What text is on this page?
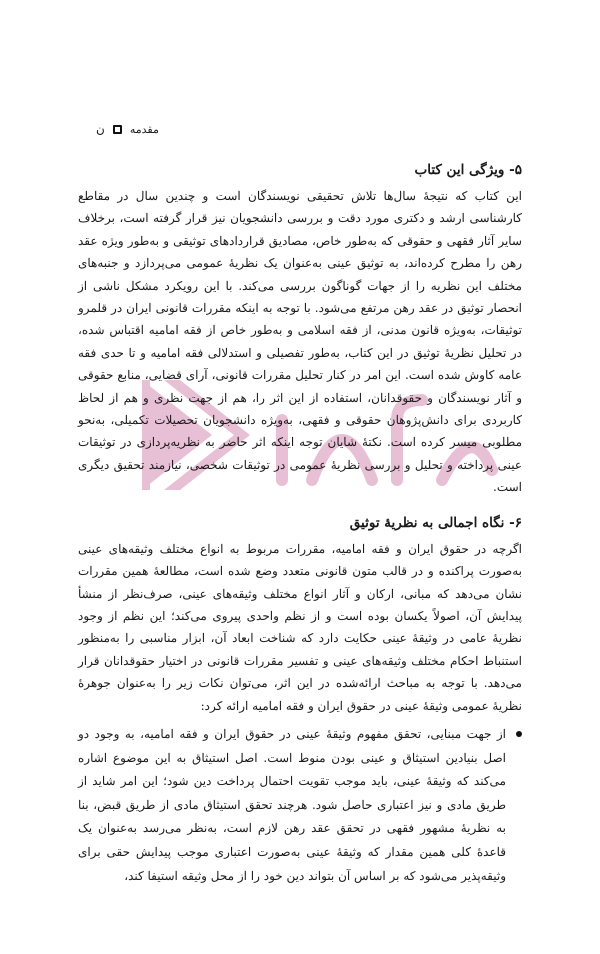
ن مقدمه
۵- ویژگی این کتاب

این کتاب که نتیجهٔ سال‌ها تلاش تحقیقی نویسندگان است و چندین سال در مقاطع کارشناسی ارشد و دکتری مورد دقت و بررسی دانشجویان نیز قرار گرفته است، برخلاف سایر آثار فقهی و حقوقی که به‌طور خاص، مصادیق قراردادهای توثیقی و به‌طور ویژه عقد رهن را مطرح کرده‌اند، به توثیق عینی به‌عنوان یک نظریهٔ عمومی می‌پردازد و جنبه‌های مختلف این نظریه را از جهات گوناگون بررسی می‌کند. با این رویکرد مشکل ناشی از انحصار توثیق در عقد رهن مرتفع می‌شود. با توجه به اینکه مقررات قانونی ایران در قلمرو توثیقات، به‌ویژه قانون مدنی، از فقه اسلامی و به‌طور خاص از فقه امامیه اقتباس شده، در تحلیل نظریهٔ توثیق در این کتاب، به‌طور تفصیلی و استدلالی فقه امامیه و تا حدی فقه عامه کاوش شده است. این امر در کنار تحلیل مقررات قانونی، آرای قضایی، منابع حقوقی و آثار نویسندگان و حقوقدانان، استفاده از این اثر را، هم از جهت نظری و هم از لحاظ کاربردی برای دانش‌پژوهان حقوقی و فقهی، به‌ویژه دانشجویان تحصیلات تکمیلی، به‌نحو مطلوبی میسر کرده است. نکتهٔ شایان توجه اینکه اثر حاضر به نظریه‌پردازی در توثیقات عینی پرداخته و تحلیل و بررسی نظریهٔ عمومی در توثیقات شخصی، نیازمند تحقیق دیگری است.

۶- نگاه اجمالی به نظریهٔ توثیق

اگرچه در حقوق ایران و فقه امامیه، مقررات مربوط به انواع مختلف وثیقه‌های عینی به‌صورت پراکنده و در قالب متون قانونی متعدد وضع شده است، مطالعهٔ همین مقررات نشان می‌دهد که مبانی، ارکان و آثار انواع مختلف وثیقه‌های عینی، صرف‌نظر از منشأ پیدایش آن، اصولاً یکسان بوده است و از نظم واحدی پیروی می‌کند؛ این نظم از وجود نظریهٔ عامی در وثیقهٔ عینی حکایت دارد که شناخت ابعاد آن، ابزار مناسبی را به‌منظور استنباط احکام مختلف وثیقه‌های عینی و تفسیر مقررات قانونی در اختیار حقوقدانان قرار می‌دهد. با توجه به مباحث ارائه‌شده در این اثر، می‌توان نکات زیر را به‌عنوان جوهرهٔ نظریهٔ عمومی وثیقهٔ عینی در حقوق ایران و فقه امامیه ارائه کرد:

از جهت مبنایی، تحقق مفهوم وثیقهٔ عینی در حقوق ایران و فقه امامیه، به وجود دو اصل بنیادین استیثاق و عینی بودن منوط است. اصل استیثاق به این موضوع اشاره می‌کند که وثیقهٔ عینی، باید موجب تقویت احتمال پرداخت دین شود؛ این امر شاید از طریق مادی و نیز اعتباری حاصل شود. هرچند تحقق استیثاق مادی از طریق قبض، بنا به نظریهٔ مشهور فقهی در تحقق عقد رهن لازم است، به‌نظر می‌رسد به‌عنوان یک قاعدهٔ کلی همین مقدار که وثیقهٔ عینی به‌صورت اعتباری موجب پیدایش حقی برای وثیقه‌پذیر می‌شود که بر اساس آن بتواند دین خود را از محل وثیقه استیفا کند،
